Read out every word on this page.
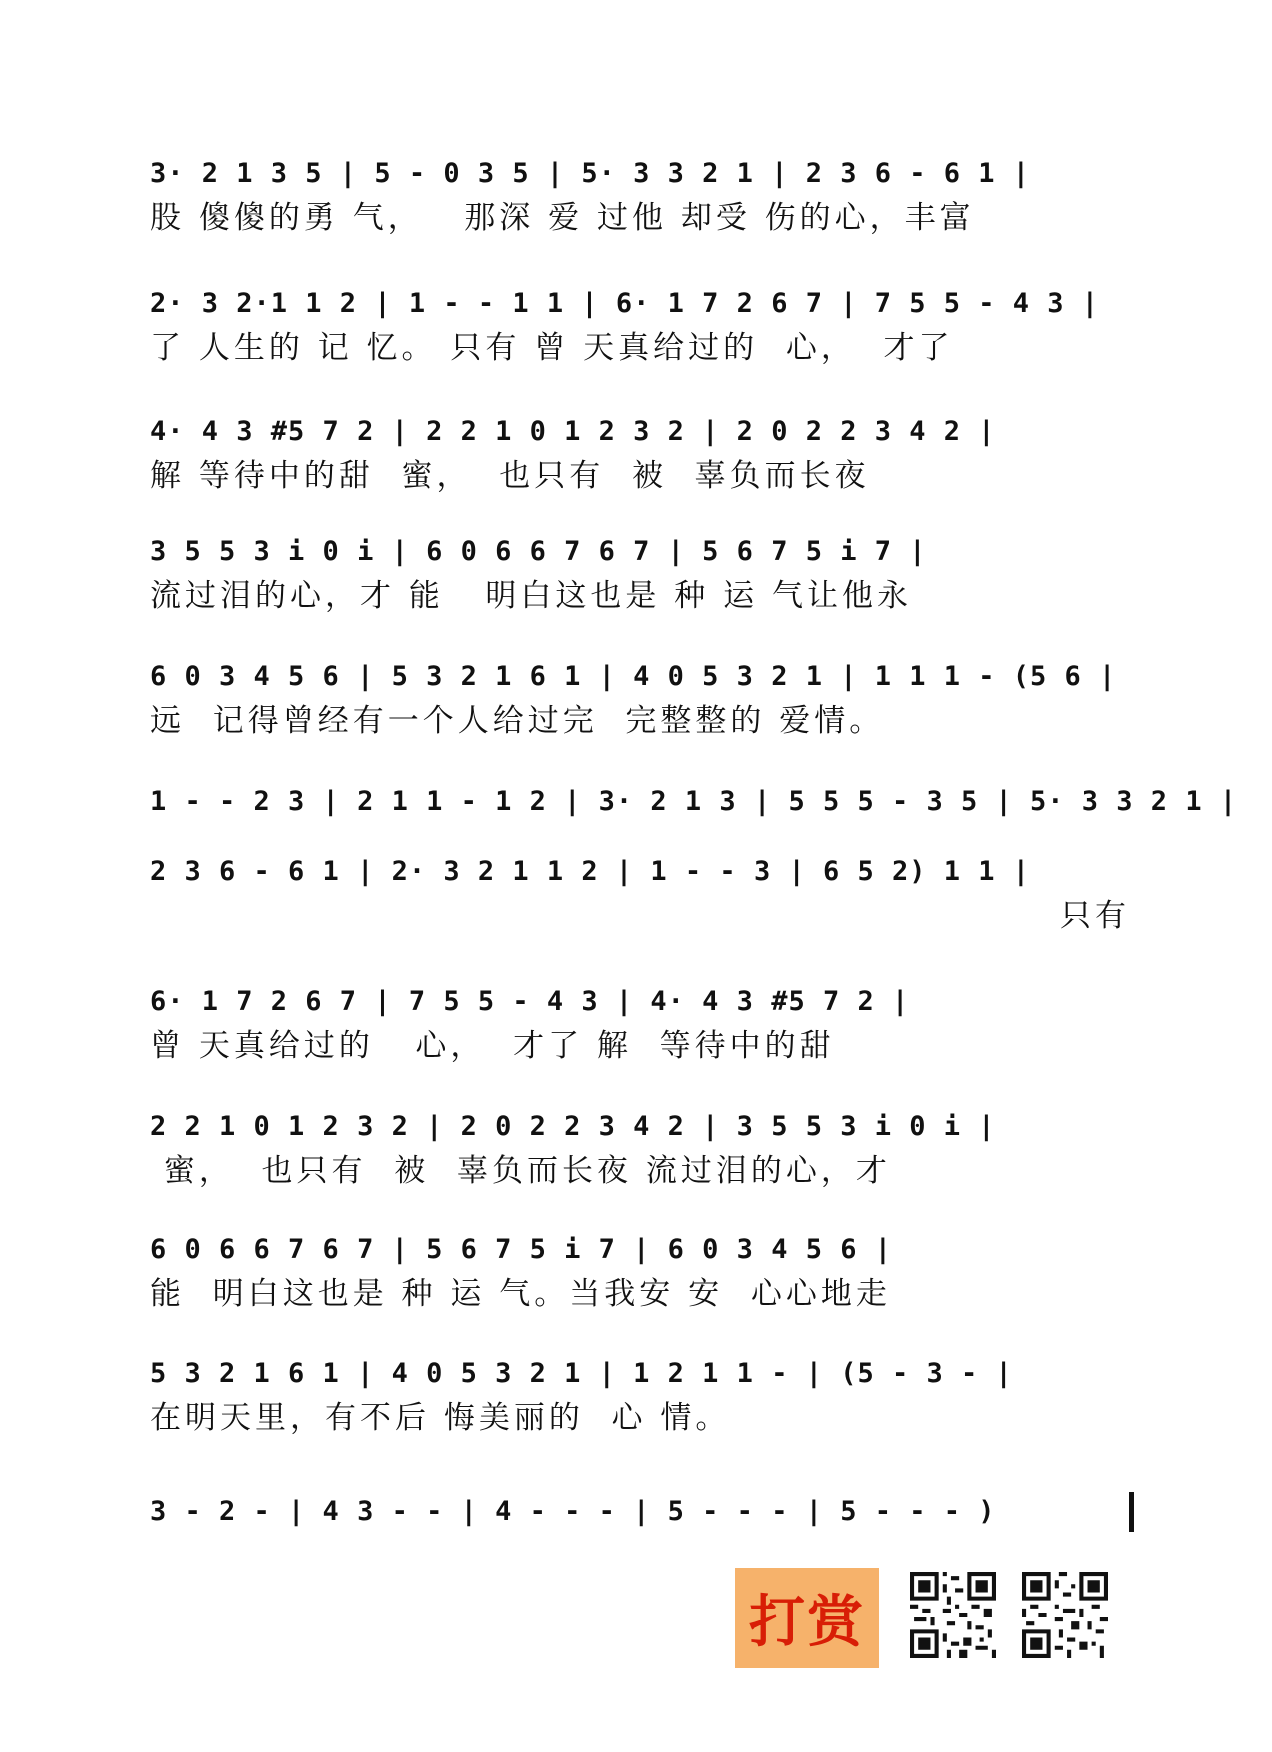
3· 2 1 3 5 | 5 - 0 3 5 | 5· 3 3 2 1 | 2 3 6 - 6 1 |
股 傻傻的勇 气，   那深 爱 过他 却受 伤的心，丰富
2· 3 2·1 1 2 | 1 - - 1 1 | 6· 1 7 2 6 7 | 7 5 5 - 4 3 |
了 人生的 记 忆。 只有 曾 天真给过的  心，  才了
4· 4 3 #5 7 2 | 2 2 1 0 1 2 3 2 | 2 0 2 2 3 4 2 |
解 等待中的甜  蜜，  也只有  被  辜负而长夜
3 5 5 3 i 0 i | 6 0 6 6 7 6 7 | 5 6 7 5 i 7 |
流过泪的心，才 能   明白这也是 种 运 气让他永
6 0 3 4 5 6 | 5 3 2 1 6 1 | 4 0 5 3 2 1 | 1 1 1 - (5 6 |
远  记得曾经有一个人给过完  完整整的 爱情。
1 - - 2 3 | 2 1 1 - 1 2 | 3· 2 1 3 | 5 5 5 - 3 5 | 5· 3 3 2 1 |
2 3 6 - 6 1 | 2· 3 2 1 1 2 | 1 - - 3 | 6 5 2) 1 1 |
只有
6· 1 7 2 6 7 | 7 5 5 - 4 3 | 4· 4 3 #5 7 2 |
曾 天真给过的   心，  才了 解  等待中的甜
2 2 1 0 1 2 3 2 | 2 0 2 2 3 4 2 | 3 5 5 3 i 0 i |
蜜，  也只有  被  辜负而长夜 流过泪的心，才
6 0 6 6 7 6 7 | 5 6 7 5 i 7 | 6 0 3 4 5 6 |
能  明白这也是 种 运 气。当我安 安  心心地走
5 3 2 1 6 1 | 4 0 5 3 2 1 | 1 2 1 1 - | (5 - 3 - |
在明天里，有不后 悔美丽的  心 情。
3 - 2 - | 4 3 - - | 4 - - - | 5 - - - | 5 - - - )
打赏
